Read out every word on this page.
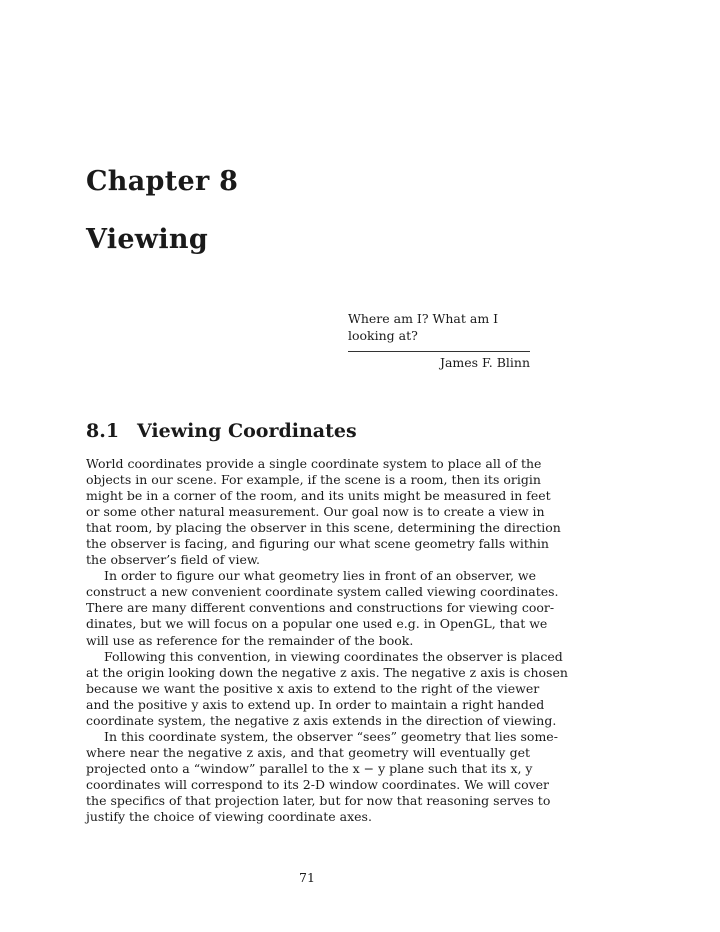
Chapter 8
Viewing
Where am I? What am I
looking at?
James F. Blinn
8.1 Viewing Coordinates
World coordinates provide a single coordinate system to place all of the
objects in our scene. For example, if the scene is a room, then its origin
might be in a corner of the room, and its units might be measured in feet
or some other natural measurement. Our goal now is to create a view in
that room, by placing the observer in this scene, determining the direction
the observer is facing, and figuring our what scene geometry falls within
the observer’s field of view.
In order to figure our what geometry lies in front of an observer, we
construct a new convenient coordinate system called viewing coordinates.
There are many different conventions and constructions for viewing coor-
dinates, but we will focus on a popular one used e.g. in OpenGL, that we
will use as reference for the remainder of the book.
Following this convention, in viewing coordinates the observer is placed
at the origin looking down the negative z axis. The negative z axis is chosen
because we want the positive x axis to extend to the right of the viewer
and the positive y axis to extend up. In order to maintain a right handed
coordinate system, the negative z axis extends in the direction of viewing.
In this coordinate system, the observer “sees” geometry that lies some-
where near the negative z axis, and that geometry will eventually get
projected onto a “window” parallel to the x − y plane such that its x, y
coordinates will correspond to its 2-D window coordinates. We will cover
the specifics of that projection later, but for now that reasoning serves to
justify the choice of viewing coordinate axes.
71
